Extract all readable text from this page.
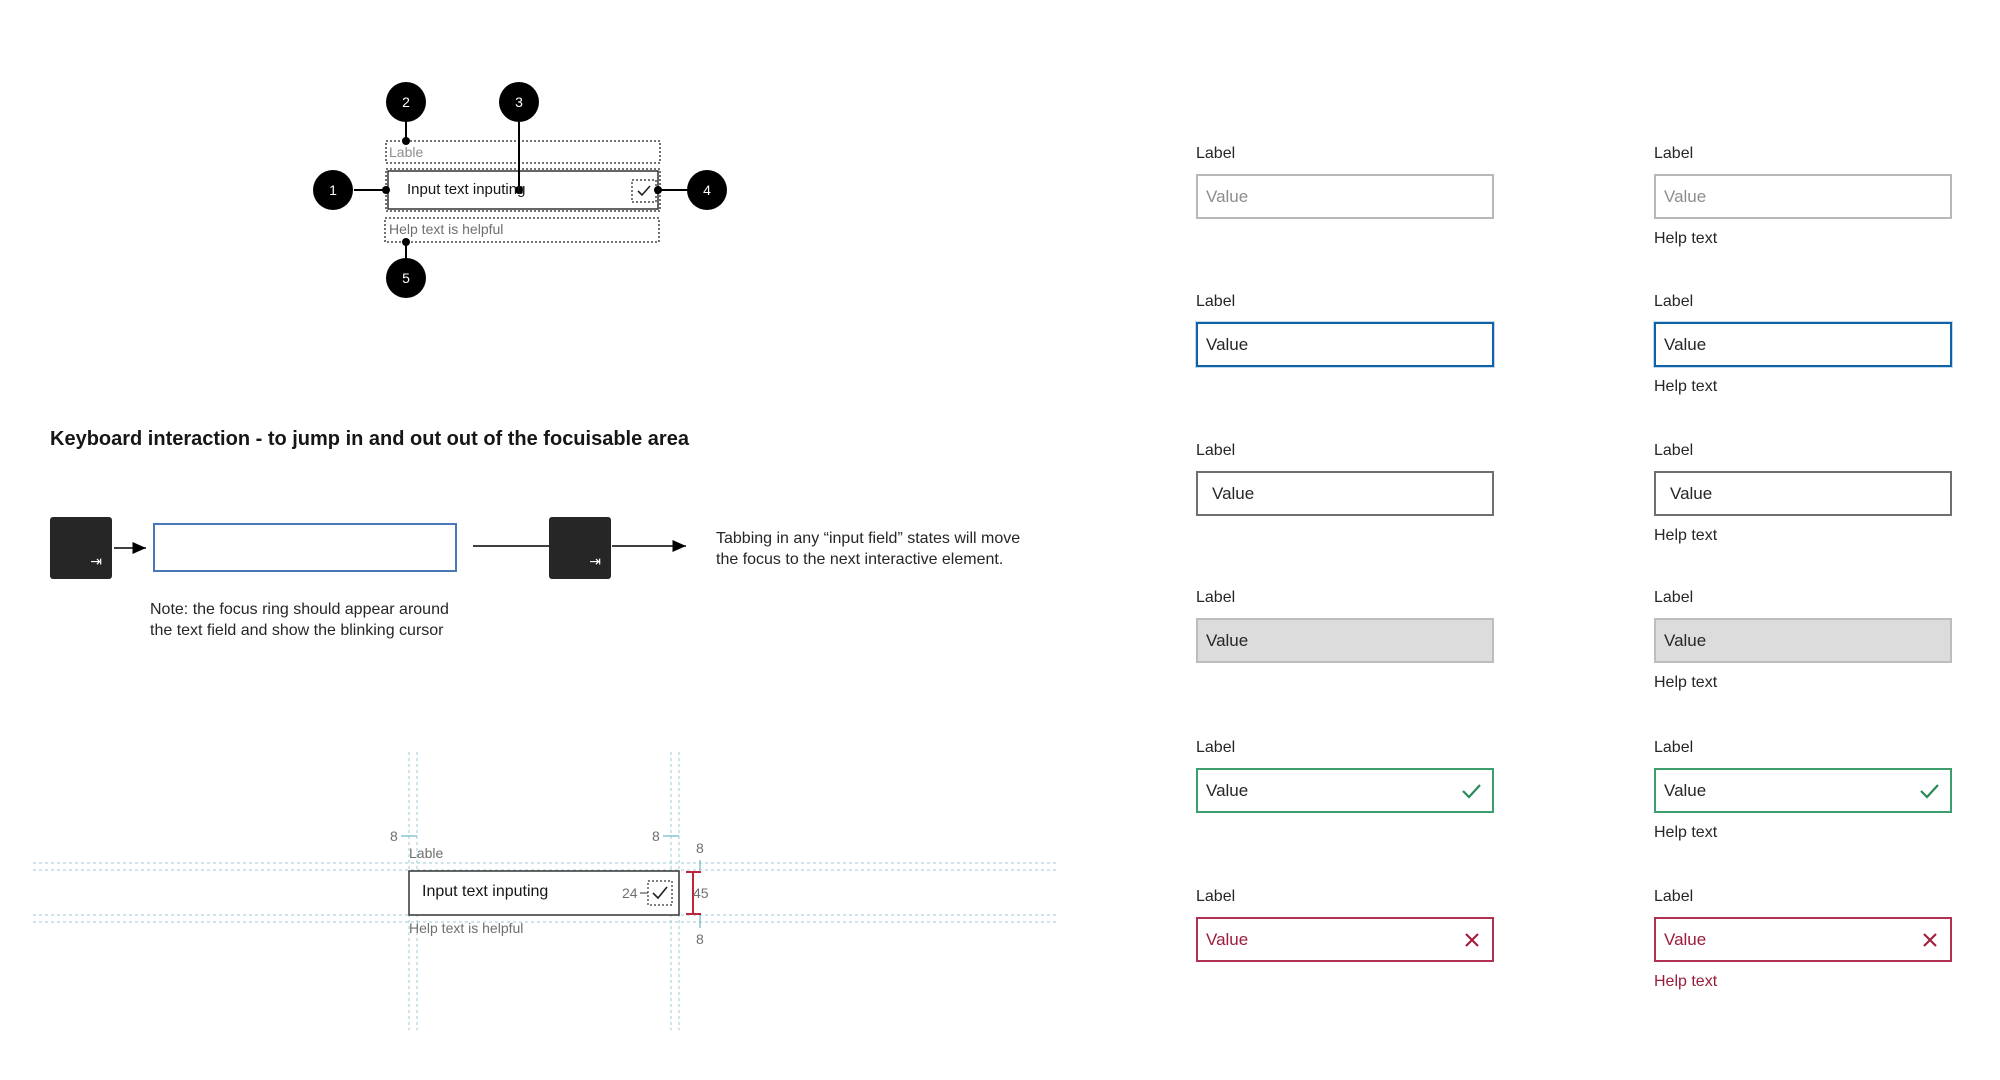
1
2	3
4
5
Lable
Input text inputing
Help text is helpful
Keyboard interaction - to jump in and out out of the focuisable area
⇥	⇥
Note: the focus ring should appear around
the text field and show the blinking cursor
Tabbing in any “input field” states will move
the focus to the next interactive element.
Lable
Input text inputing
Help text is helpful
8	8
8
24	45
8
Label
Value
Label
Value
Help text
Label
Value
Label
Value
Help text
Label
Value
Label
Value
Help text
Label
Value
Label
Value
Help text
Label
Value
Label
Value
Help text
Label
Value
Label
Value
Help text
